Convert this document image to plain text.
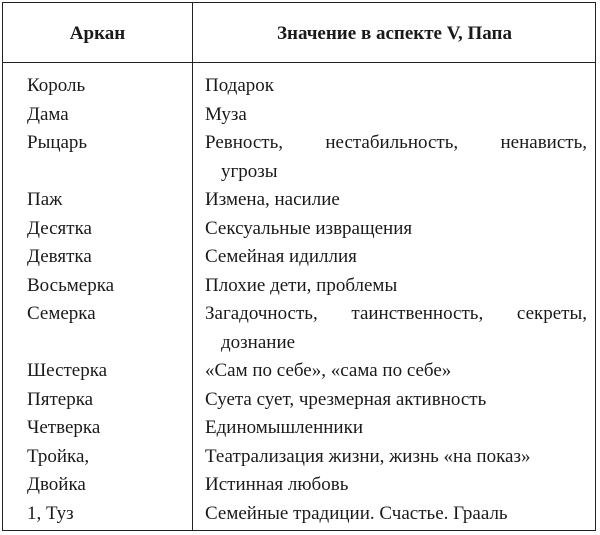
Аркан	Значение в аспекте V, Папа
Король	Подарок
Дама	Муза
Рыцарь	Ревность, нестабильность, ненависть,
угрозы
Паж	Измена, насилие
Десятка	Сексуальные извращения
Девятка	Семейная идиллия
Восьмерка	Плохие дети, проблемы
Семерка	Загадочность, таинственность, секреты,
дознание
Шестерка	«Сам по себе», «сама по себе»
Пятерка	Суета сует, чрезмерная активность
Четверка	Единомышленники
Тройка,	Театрализация жизни, жизнь «на показ»
Двойка	Истинная любовь
1, Туз	Семейные традиции. Счастье. Грааль
